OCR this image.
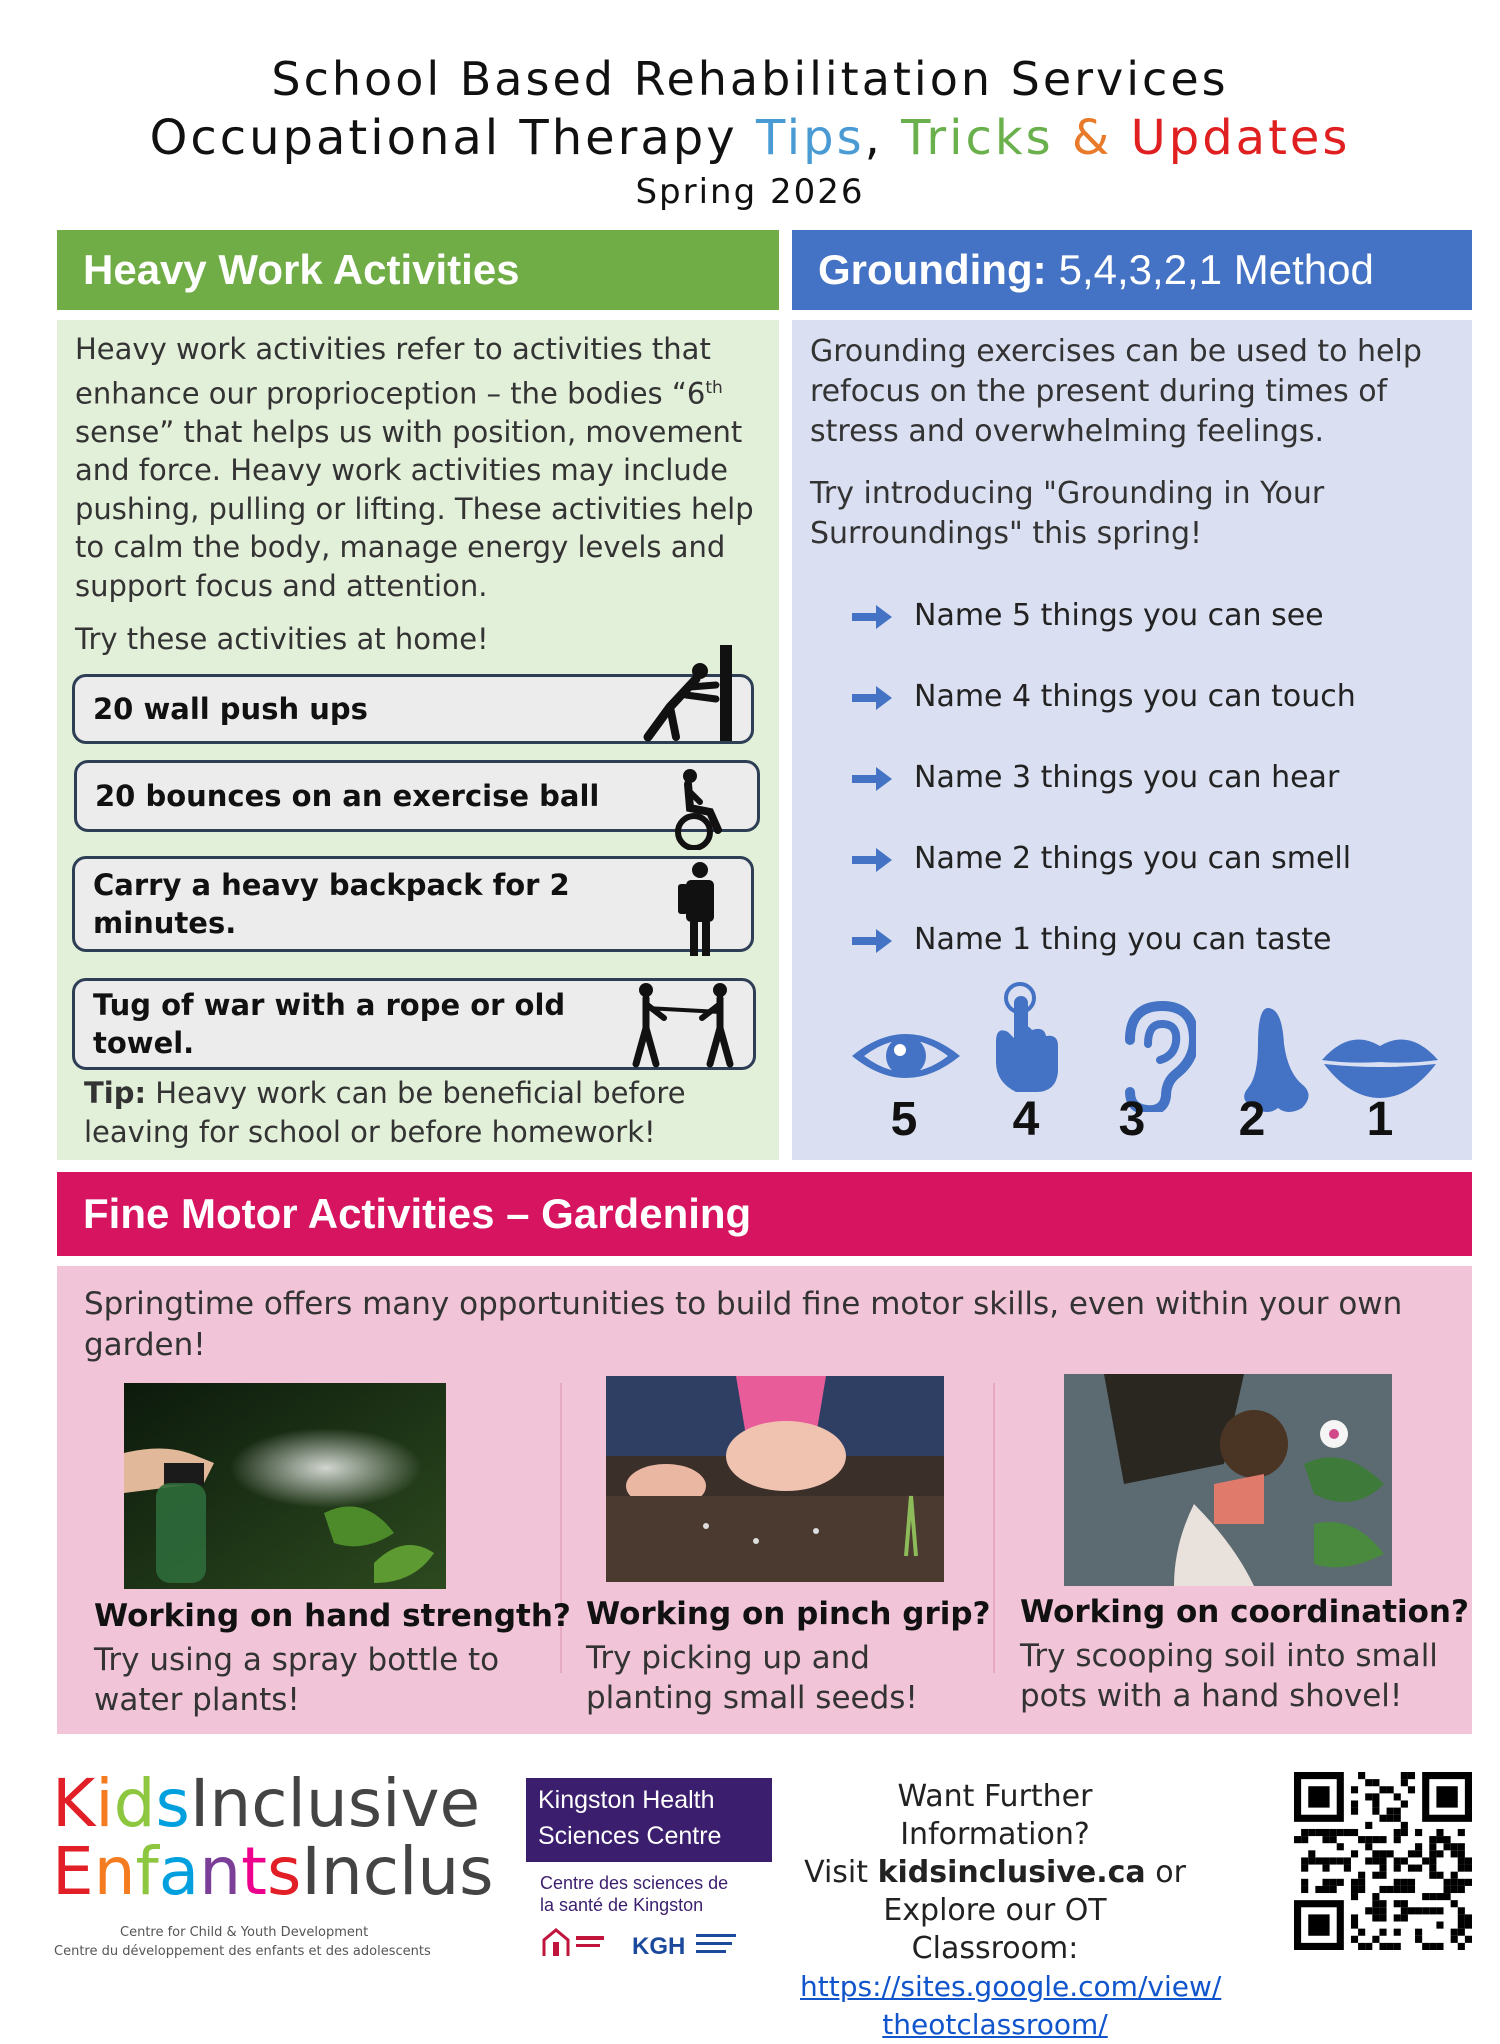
School Based Rehabilitation Services
Occupational Therapy Tips, Tricks & Updates
Spring 2026
Heavy Work Activities
Heavy work activities refer to activities that enhance our proprioception – the bodies “6th sense” that helps us with position, movement and force. Heavy work activities may include pushing, pulling or lifting. These activities help to calm the body, manage energy levels and support focus and attention.
Try these activities at home!
20 wall push ups
20 bounces on an exercise ball
Carry a heavy backpack for 2 minutes.
Tug of war with a rope or old towel.
Tip: Heavy work can be beneficial before leaving for school or before homework!
Grounding: 5,4,3,2,1 Method
Grounding exercises can be used to help refocus on the present during times of stress and overwhelming feelings.
Try introducing "Grounding in Your Surroundings" this spring!
Name 5 things you can see
Name 4 things you can touch
Name 3 things you can hear
Name 2 things you can smell
Name 1 thing you can taste
5	4	3	2	1
Fine Motor Activities – Gardening
Springtime offers many opportunities to build fine motor skills, even within your own garden!
Working on hand strength?
Try using a spray bottle to water plants!
Working on pinch grip?
Try picking up and planting small seeds!
Working on coordination?
Try scooping soil into small pots with a hand shovel!
KidsInclusive
EnfantsInclus
Centre for Child & Youth Development
Centre du développement des enfants et des adolescents
Kingston Health
Sciences Centre
Centre des sciences de
la santé de Kingston
KGH
Want Further Information?
Visit kidsinclusive.ca or
Explore our OT Classroom:
https://sites.google.com/view/
theotclassroom/
